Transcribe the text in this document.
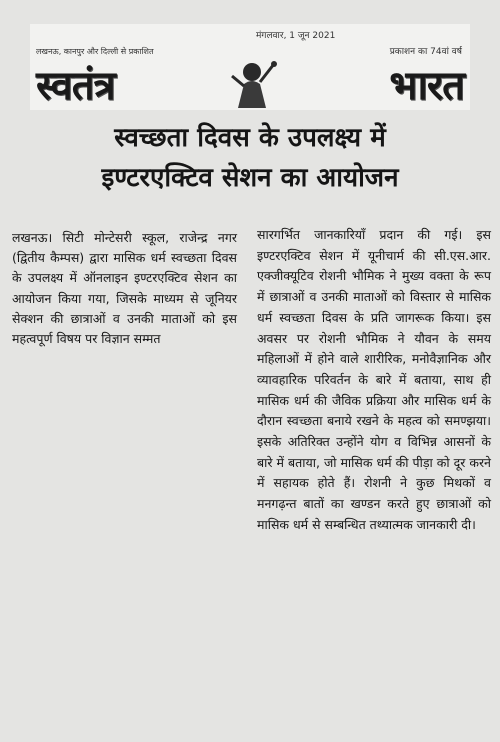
मंगलवार, 1 जून 2021
लखनऊ, कानपुर और दिल्ली से प्रकाशित	प्रकाशन का 74वां वर्ष
स्वतंत्र	भारत
स्वच्छता दिवस के उपलक्ष्य में
इण्टरएक्टिव सेशन का आयोजन

लखनऊ। सिटी मोन्टेसरी स्कूल, राजेन्द्र नगर (द्वितीय कैम्पस) द्वारा मासिक धर्म स्वच्छता दिवस के उपलक्ष्य में ऑनलाइन इण्टरएक्टिव सेशन का आयोजन किया गया, जिसके माध्यम से जूनियर सेक्शन की छात्राओं व उनकी माताओं को इस महत्वपूर्ण विषय पर विज्ञान सम्मत

सारगर्भित जानकारियाँ प्रदान की गई। इस इण्टरएक्टिव सेशन में यूनीचार्म की सी.एस.आर. एक्जीक्यूटिव रोशनी भौमिक ने मुख्य वक्ता के रूप में छात्राओं व उनकी माताओं को विस्तार से मासिक धर्म स्वच्छता दिवस के प्रति जागरूक किया। इस अवसर पर रोशनी भौमिक ने यौवन के समय महिलाओं में होने वाले शारीरिक, मनोवैज्ञानिक और व्यावहारिक परिवर्तन के बारे में बताया, साथ ही मासिक धर्म की जैविक प्रक्रिया और मासिक धर्म के दौरान स्वच्छता बनाये रखने के महत्व को समण्झया। इसके अतिरिक्त उन्होंने योग व विभिन्न आसनों के बारे में बताया, जो मासिक धर्म की पीड़ा को दूर करने में सहायक होते हैं। रोशनी ने कुछ मिथकों व मनगढ़न्त बातों का खण्डन करते हुए छात्राओं को मासिक धर्म से सम्बन्धित तथ्यात्मक जानकारी दी।
